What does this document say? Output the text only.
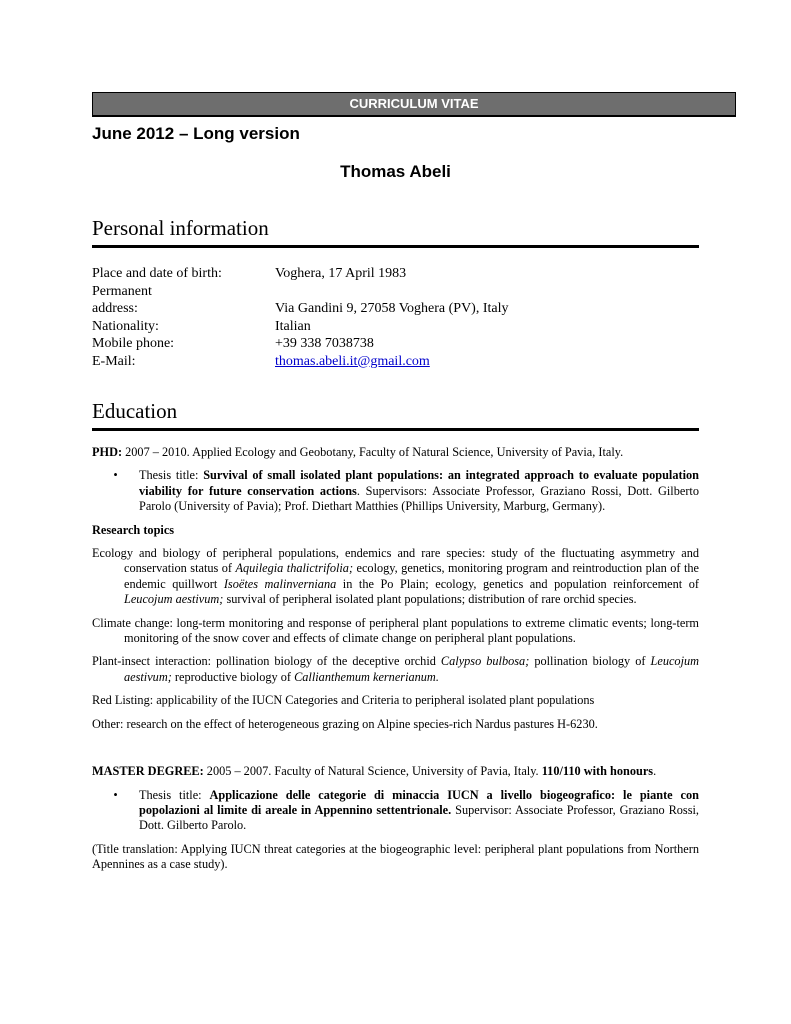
CURRICULUM VITAE
June 2012 – Long version
Thomas Abeli
Personal information
Place and date of birth:	Voghera, 17 April 1983
Permanent
address:	Via Gandini 9, 27058 Voghera (PV), Italy
Nationality:	Italian
Mobile phone:	+39 338 7038738
E-Mail:	thomas.abeli.it@gmail.com
Education

PHD: 2007 – 2010. Applied Ecology and Geobotany, Faculty of Natural Science, University of Pavia, Italy.

•	Thesis title: Survival of small isolated plant populations: an integrated approach to evaluate population viability for future conservation actions. Supervisors: Associate Professor, Graziano Rossi, Dott. Gilberto Parolo (University of Pavia); Prof. Diethart Matthies (Phillips University, Marburg, Germany).

Research topics

Ecology and biology of peripheral populations, endemics and rare species: study of the fluctuating asymmetry and conservation status of Aquilegia thalictrifolia; ecology, genetics, monitoring program and reintroduction plan of the endemic quillwort Isoëtes malinverniana in the Po Plain; ecology, genetics and population reinforcement of Leucojum aestivum; survival of peripheral isolated plant populations; distribution of rare orchid species.

Climate change: long-term monitoring and response of peripheral plant populations to extreme climatic events; long-term monitoring of the snow cover and effects of climate change on peripheral plant populations.

Plant-insect interaction: pollination biology of the deceptive orchid Calypso bulbosa; pollination biology of Leucojum aestivum; reproductive biology of Callianthemum kernerianum.

Red Listing: applicability of the IUCN Categories and Criteria to peripheral isolated plant populations

Other: research on the effect of heterogeneous grazing on Alpine species-rich Nardus pastures H-6230.

MASTER DEGREE: 2005 – 2007. Faculty of Natural Science, University of Pavia, Italy. 110/110 with honours.

•	Thesis title: Applicazione delle categorie di minaccia IUCN a livello biogeografico: le piante con popolazioni al limite di areale in Appennino settentrionale. Supervisor: Associate Professor, Graziano Rossi, Dott. Gilberto Parolo.

(Title translation: Applying IUCN threat categories at the biogeographic level: peripheral plant populations from Northern Apennines as a case study).
